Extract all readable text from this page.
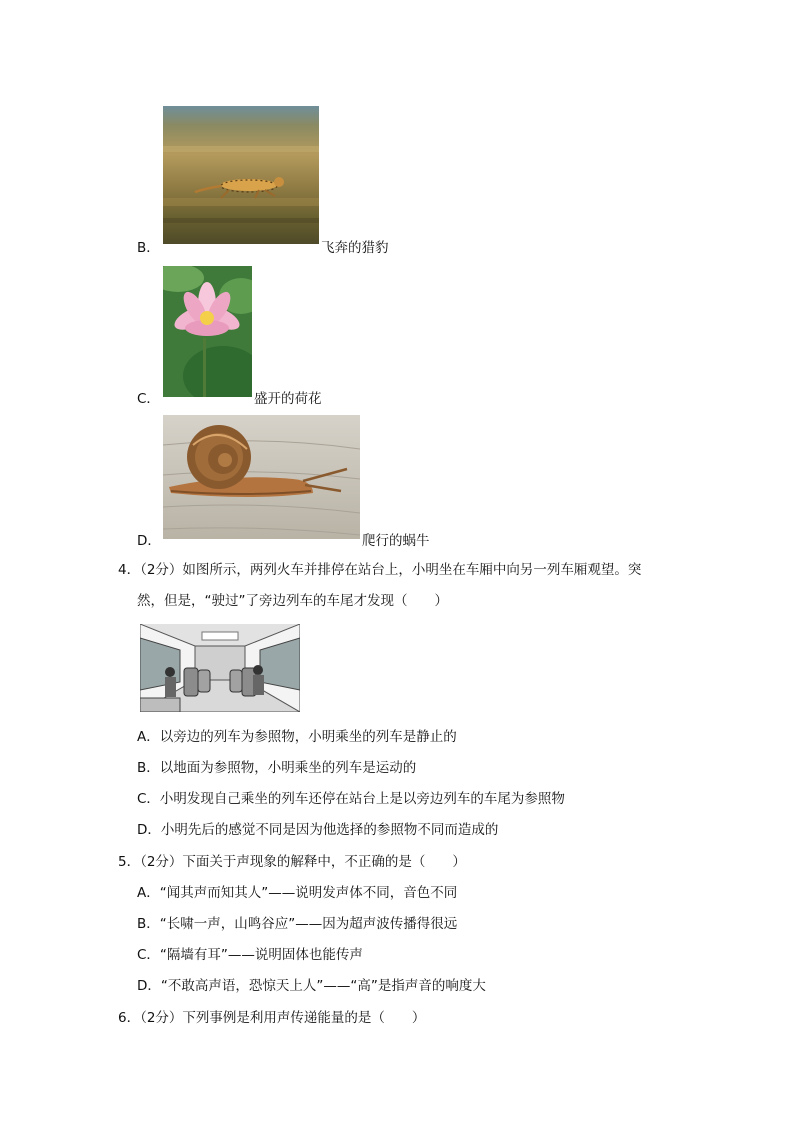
B．	飞奔的猎豹
C．	盛开的荷花
D．	爬行的蜗牛
4．（2分）如图所示，两列火车并排停在站台上，小明坐在车厢中向另一列车厢观望。突
然，但是，“驶过”了旁边列车的车尾才发现（　　）
A．以旁边的列车为参照物，小明乘坐的列车是静止的
B．以地面为参照物，小明乘坐的列车是运动的
C．小明发现自己乘坐的列车还停在站台上是以旁边列车的车尾为参照物
D．小明先后的感觉不同是因为他选择的参照物不同而造成的
5．（2分）下面关于声现象的解释中，不正确的是（　　）
A．“闻其声而知其人”——说明发声体不同，音色不同
B．“长啸一声，山鸣谷应”——因为超声波传播得很远
C．“隔墙有耳”——说明固体也能传声
D．“不敢高声语，恐惊天上人”——“高”是指声音的响度大
6．（2分）下列事例是利用声传递能量的是（　　）
